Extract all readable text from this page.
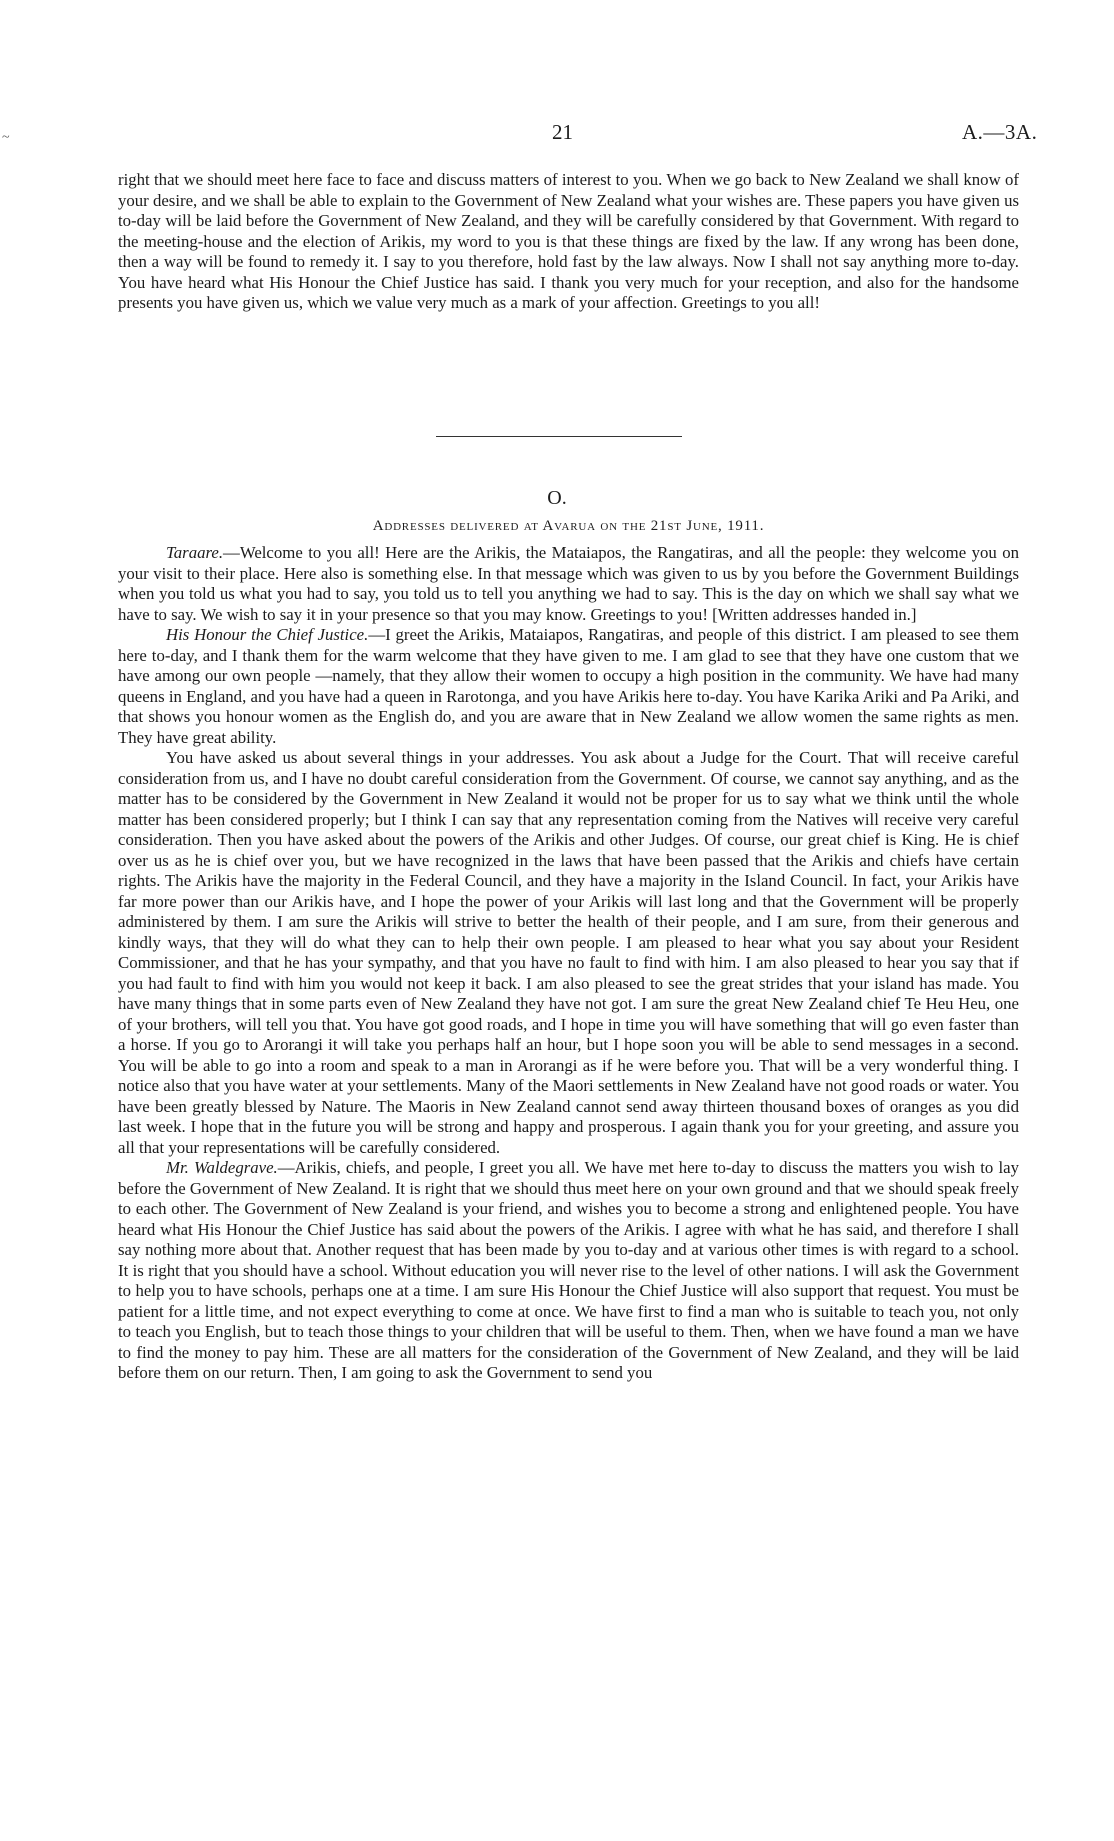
~	21	A.—3A.

right that we should meet here face to face and discuss matters of interest to you. When we go back to New Zealand we shall know of your desire, and we shall be able to explain to the Government of New Zealand what your wishes are. These papers you have given us to-day will be laid before the Government of New Zealand, and they will be carefully considered by that Government. With regard to the meeting-house and the election of Arikis, my word to you is that these things are fixed by the law. If any wrong has been done, then a way will be found to remedy it. I say to you therefore, hold fast by the law always. Now I shall not say anything more to-day. You have heard what His Honour the Chief Justice has said. I thank you very much for your reception, and also for the handsome presents you have given us, which we value very much as a mark of your affection. Greetings to you all!

O.
Addresses delivered at Avarua on the 21st June, 1911.

Taraare.—Welcome to you all! Here are the Arikis, the Mataiapos, the Rangatiras, and all the people: they welcome you on your visit to their place. Here also is something else. In that message which was given to us by you before the Government Buildings when you told us what you had to say, you told us to tell you anything we had to say. This is the day on which we shall say what we have to say. We wish to say it in your presence so that you may know. Greetings to you! [Written addresses handed in.]

His Honour the Chief Justice.—I greet the Arikis, Mataiapos, Rangatiras, and people of this district. I am pleased to see them here to-day, and I thank them for the warm welcome that they have given to me. I am glad to see that they have one custom that we have among our own people —namely, that they allow their women to occupy a high position in the community. We have had many queens in England, and you have had a queen in Rarotonga, and you have Arikis here to-day. You have Karika Ariki and Pa Ariki, and that shows you honour women as the English do, and you are aware that in New Zealand we allow women the same rights as men. They have great ability.

You have asked us about several things in your addresses. You ask about a Judge for the Court. That will receive careful consideration from us, and I have no doubt careful consideration from the Government. Of course, we cannot say anything, and as the matter has to be considered by the Government in New Zealand it would not be proper for us to say what we think until the whole matter has been considered properly; but I think I can say that any representation coming from the Natives will receive very careful consideration. Then you have asked about the powers of the Arikis and other Judges. Of course, our great chief is King. He is chief over us as he is chief over you, but we have recognized in the laws that have been passed that the Arikis and chiefs have certain rights. The Arikis have the majority in the Federal Council, and they have a majority in the Island Council. In fact, your Arikis have far more power than our Arikis have, and I hope the power of your Arikis will last long and that the Government will be properly administered by them. I am sure the Arikis will strive to better the health of their people, and I am sure, from their generous and kindly ways, that they will do what they can to help their own people. I am pleased to hear what you say about your Resident Commissioner, and that he has your sympathy, and that you have no fault to find with him. I am also pleased to hear you say that if you had fault to find with him you would not keep it back. I am also pleased to see the great strides that your island has made. You have many things that in some parts even of New Zealand they have not got. I am sure the great New Zealand chief Te Heu Heu, one of your brothers, will tell you that. You have got good roads, and I hope in time you will have something that will go even faster than a horse. If you go to Arorangi it will take you perhaps half an hour, but I hope soon you will be able to send messages in a second. You will be able to go into a room and speak to a man in Arorangi as if he were before you. That will be a very wonderful thing. I notice also that you have water at your settlements. Many of the Maori settlements in New Zealand have not good roads or water. You have been greatly blessed by Nature. The Maoris in New Zealand cannot send away thirteen thousand boxes of oranges as you did last week. I hope that in the future you will be strong and happy and prosperous. I again thank you for your greeting, and assure you all that your representations will be carefully considered.

Mr. Waldegrave.—Arikis, chiefs, and people, I greet you all. We have met here to-day to discuss the matters you wish to lay before the Government of New Zealand. It is right that we should thus meet here on your own ground and that we should speak freely to each other. The Government of New Zealand is your friend, and wishes you to become a strong and enlightened people. You have heard what His Honour the Chief Justice has said about the powers of the Arikis. I agree with what he has said, and therefore I shall say nothing more about that. Another request that has been made by you to-day and at various other times is with regard to a school. It is right that you should have a school. Without education you will never rise to the level of other nations. I will ask the Government to help you to have schools, perhaps one at a time. I am sure His Honour the Chief Justice will also support that request. You must be patient for a little time, and not expect everything to come at once. We have first to find a man who is suitable to teach you, not only to teach you English, but to teach those things to your children that will be useful to them. Then, when we have found a man we have to find the money to pay him. These are all matters for the consideration of the Government of New Zealand, and they will be laid before them on our return. Then, I am going to ask the Government to send you
